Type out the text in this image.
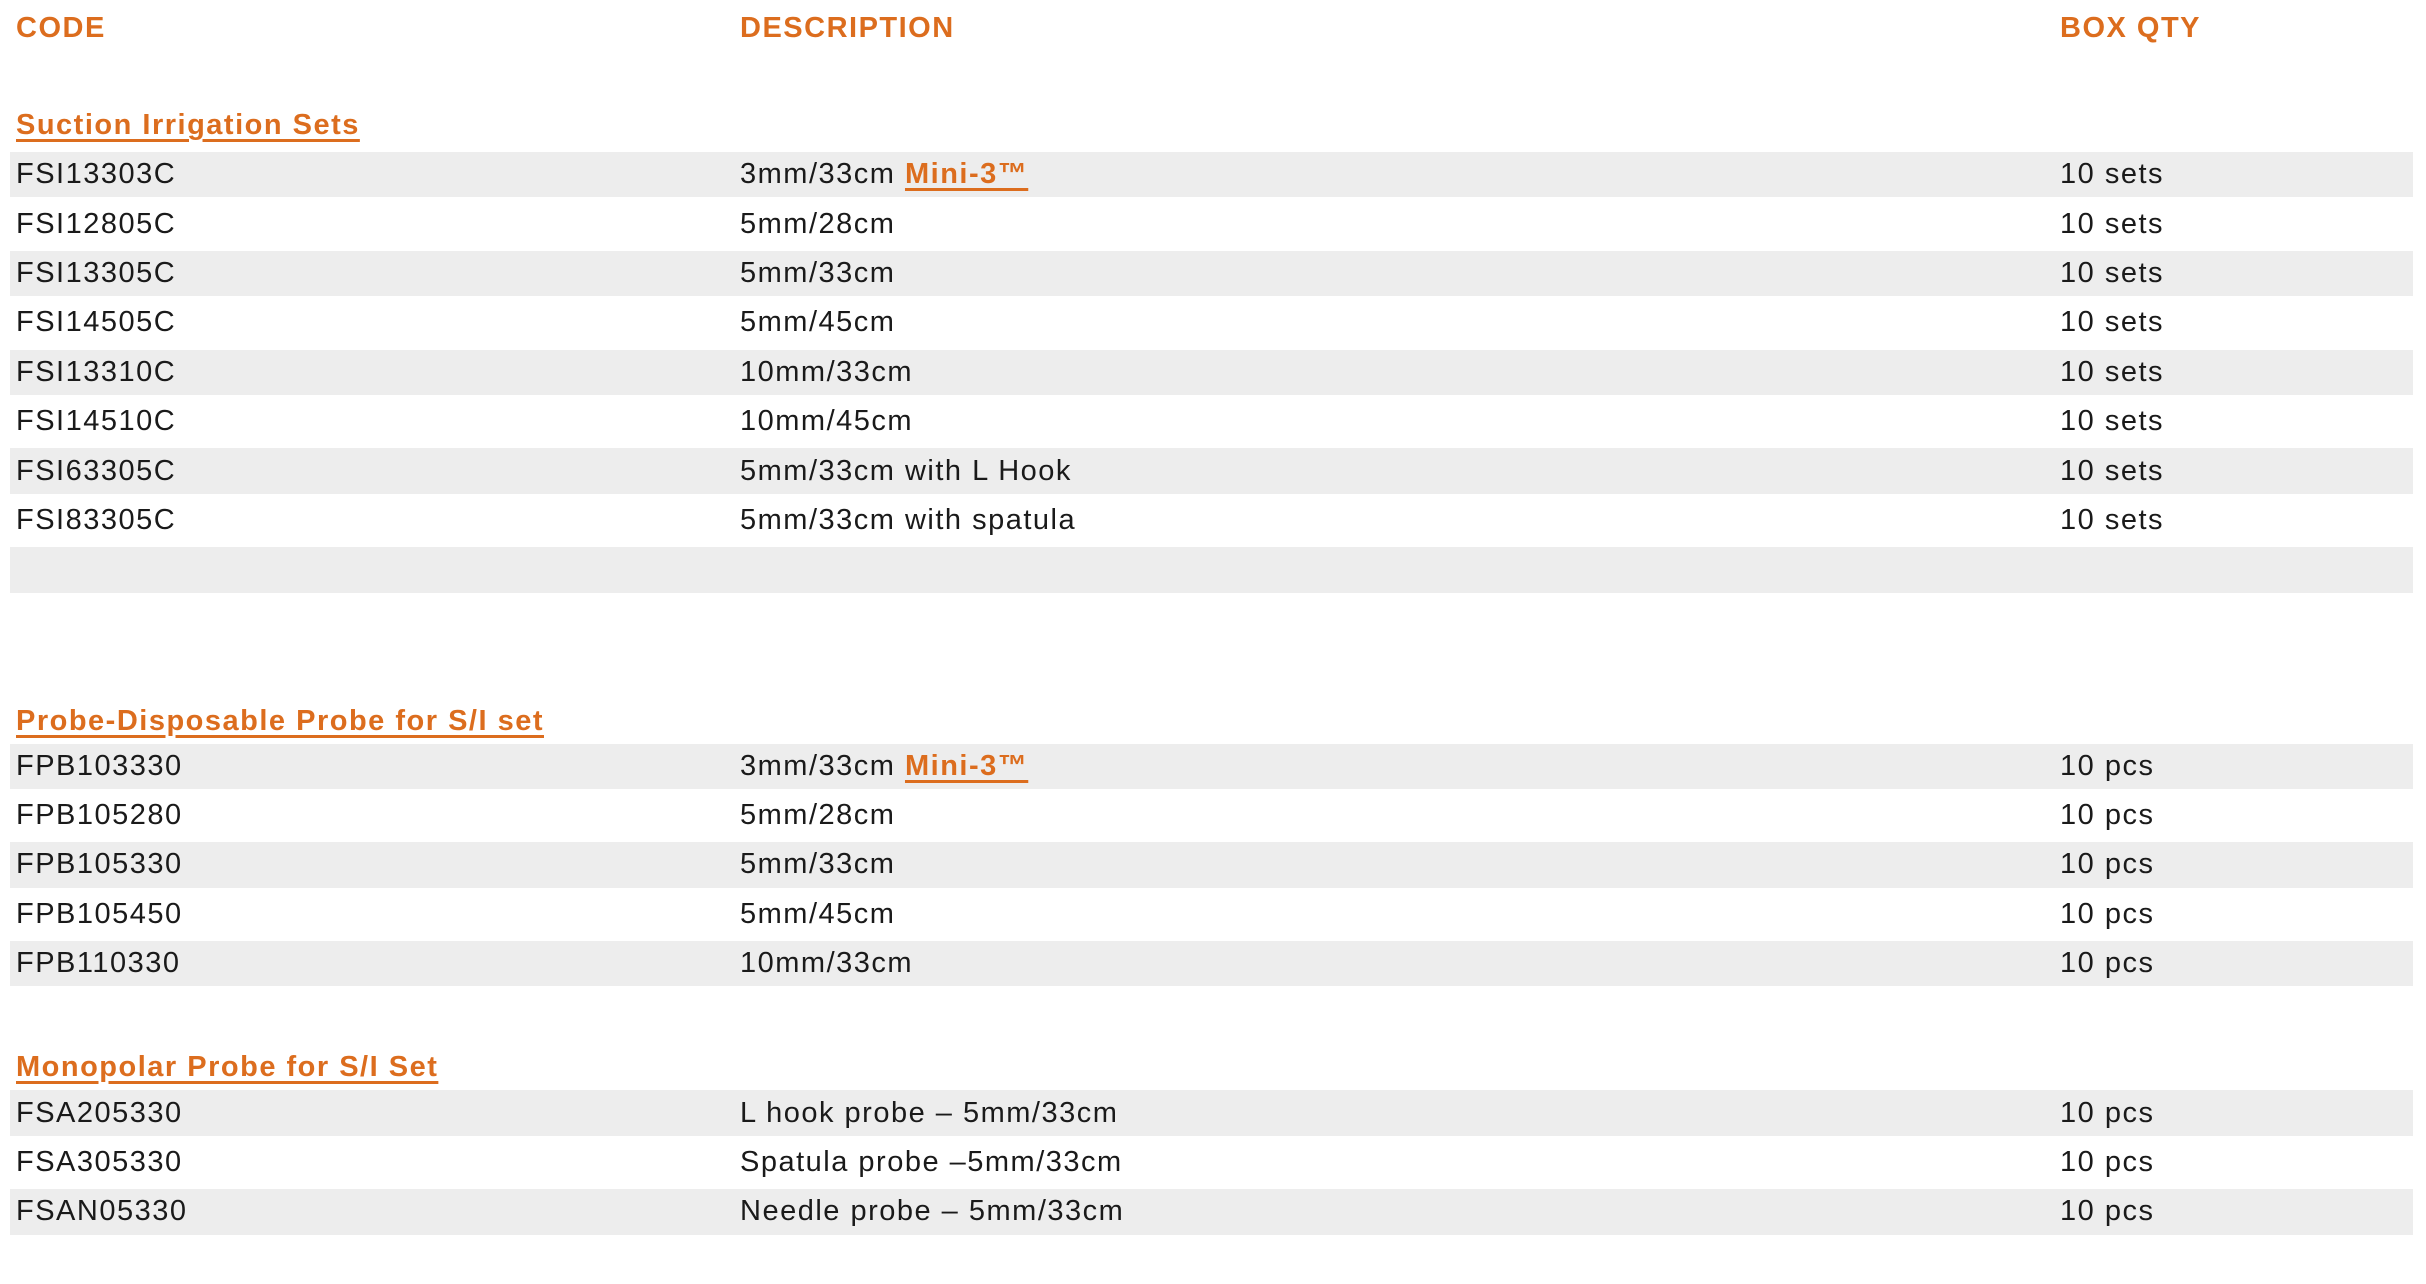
CODE	DESCRIPTION	BOX QTY
Suction Irrigation Sets
FSI13303C	3mm/33cm Mini-3™	10 sets
FSI12805C	5mm/28cm	10 sets
FSI13305C	5mm/33cm	10 sets
FSI14505C	5mm/45cm	10 sets
FSI13310C	10mm/33cm	10 sets
FSI14510C	10mm/45cm	10 sets
FSI63305C	5mm/33cm with L Hook	10 sets
FSI83305C	5mm/33cm with spatula	10 sets
Probe-Disposable Probe for S/I set
FPB103330	3mm/33cm Mini-3™	10 pcs
FPB105280	5mm/28cm	10 pcs
FPB105330	5mm/33cm	10 pcs
FPB105450	5mm/45cm	10 pcs
FPB110330	10mm/33cm	10 pcs
Monopolar Probe for S/I Set
FSA205330	L hook probe – 5mm/33cm	10 pcs
FSA305330	Spatula probe –5mm/33cm	10 pcs
FSAN05330	Needle probe – 5mm/33cm	10 pcs
